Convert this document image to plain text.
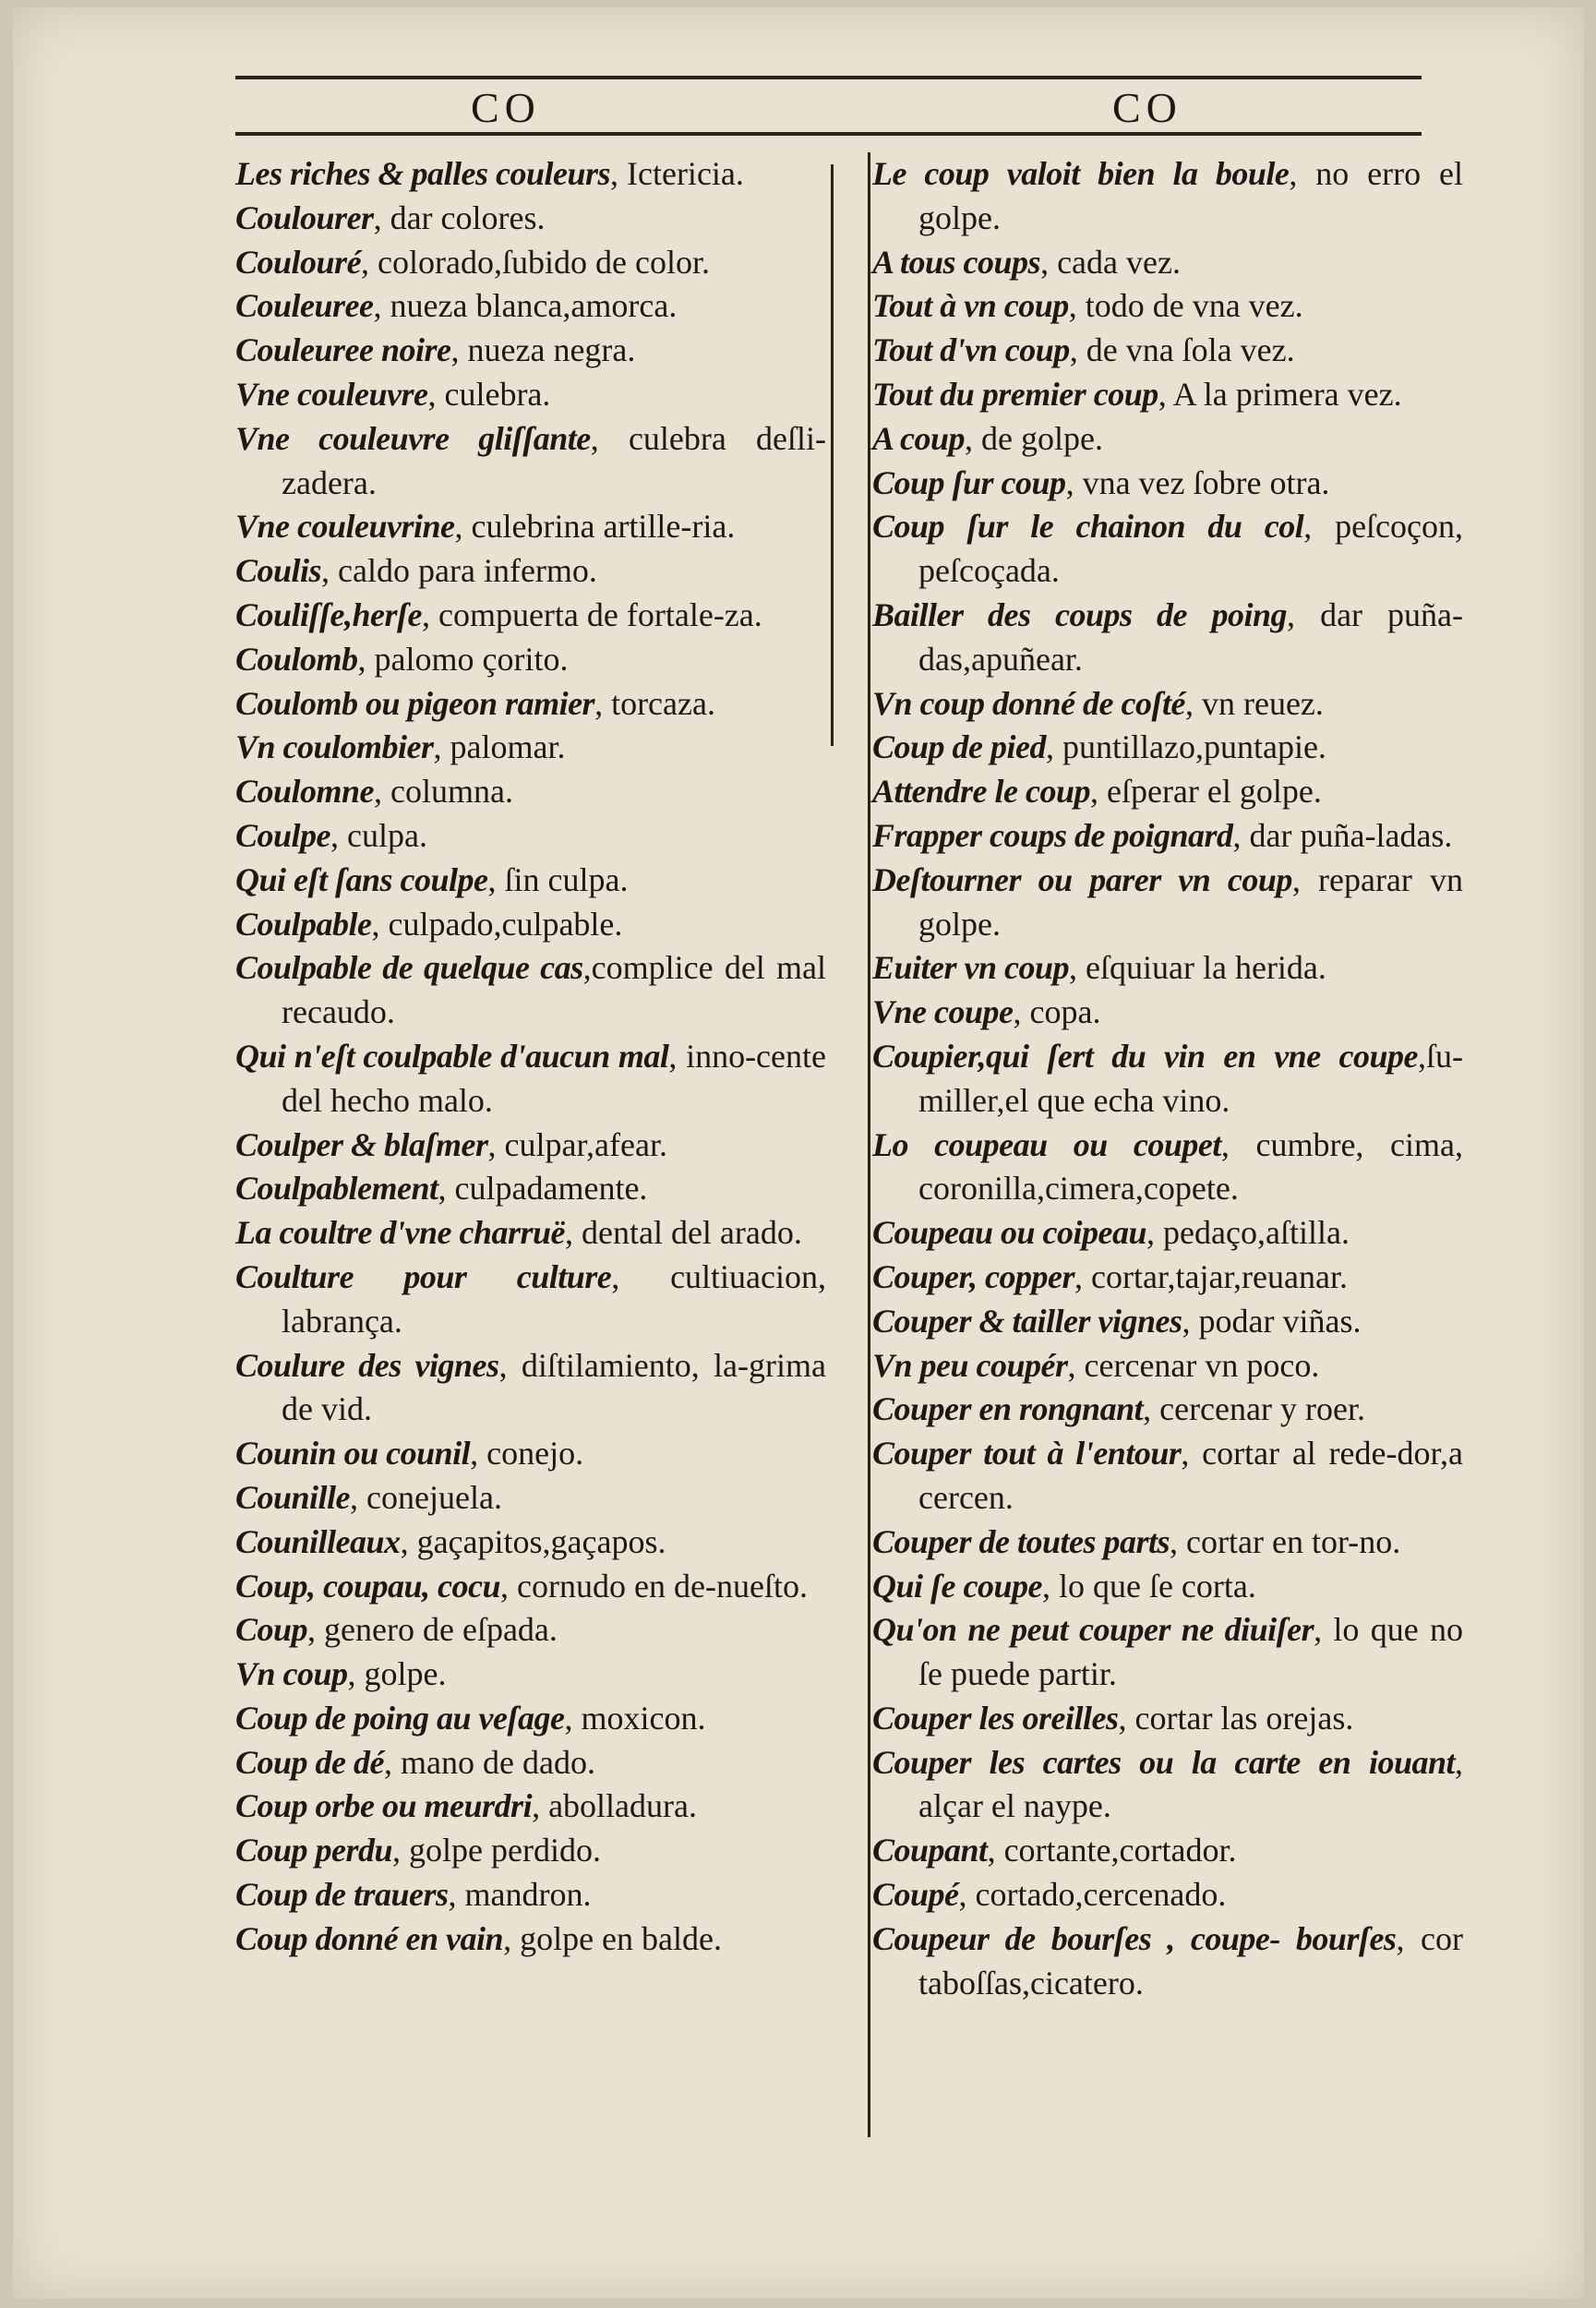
CO	CO
Les riches & palles couleurs, Ictericia.
Coulourer, dar colores.
Coulouré, colorado,ſubido de color.
Couleuree, nueza blanca,amorca.
Couleuree noire, nueza negra.
Vne couleuvre, culebra.
Vne couleuvre gliſſante, culebra deſli-zadera.
Vne couleuvrine, culebrina artille-ria.
Coulis, caldo para infermo.
Couliſſe,herſe, compuerta de fortale-za.
Coulomb, palomo çorito.
Coulomb ou pigeon ramier, torcaza.
Vn coulombier, palomar.
Coulomne, columna.
Coulpe, culpa.
Qui eſt ſans coulpe, ſin culpa.
Coulpable, culpado,culpable.
Coulpable de quelque cas,complice del mal recaudo.
Qui n'eſt coulpable d'aucun mal, inno-cente del hecho malo.
Coulper & blaſmer, culpar,afear.
Coulpablement, culpadamente.
La coultre d'vne charruë, dental del arado.
Coulture pour culture, cultiuacion, labrança.
Coulure des vignes, diſtilamiento, la-grima de vid.
Counin ou counil, conejo.
Counille, conejuela.
Counilleaux, gaçapitos,gaçapos.
Coup, coupau, cocu, cornudo en de-nueſto.
Coup, genero de eſpada.
Vn coup, golpe.
Coup de poing au veſage, moxicon.
Coup de dé, mano de dado.
Coup orbe ou meurdri, abolladura.
Coup perdu, golpe perdido.
Coup de trauers, mandron.
Coup donné en vain, golpe en balde.
Le coup valoit bien la boule, no erro el golpe.
A tous coups, cada vez.
Tout à vn coup, todo de vna vez.
Tout d'vn coup, de vna ſola vez.
Tout du premier coup, A la primera vez.
A coup, de golpe.
Coup ſur coup, vna vez ſobre otra.
Coup ſur le chainon du col, peſcoçon, peſcoçada.
Bailler des coups de poing, dar puña-das,apuñear.
Vn coup donné de coſté, vn reuez.
Coup de pied, puntillazo,puntapie.
Attendre le coup, eſperar el golpe.
Frapper coups de poignard, dar puña-ladas.
Deſtourner ou parer vn coup, reparar vn golpe.
Euiter vn coup, eſquiuar la herida.
Vne coupe, copa.
Coupier,qui ſert du vin en vne coupe,ſu-miller,el que echa vino.
Lo coupeau ou coupet, cumbre, cima, coronilla,cimera,copete.
Coupeau ou coipeau, pedaço,aſtilla.
Couper, copper, cortar,tajar,reuanar.
Couper & tailler vignes, podar viñas.
Vn peu coupér, cercenar vn poco.
Couper en rongnant, cercenar y roer.
Couper tout à l'entour, cortar al rede-dor,a cercen.
Couper de toutes parts, cortar en tor-no.
Qui ſe coupe, lo que ſe corta.
Qu'on ne peut couper ne diuiſer, lo que no ſe puede partir.
Couper les oreilles, cortar las orejas.
Couper les cartes ou la carte en iouant, alçar el naype.
Coupant, cortante,cortador.
Coupé, cortado,cercenado.
Coupeur de bourſes , coupe- bourſes, cor taboſſas,cicatero.
